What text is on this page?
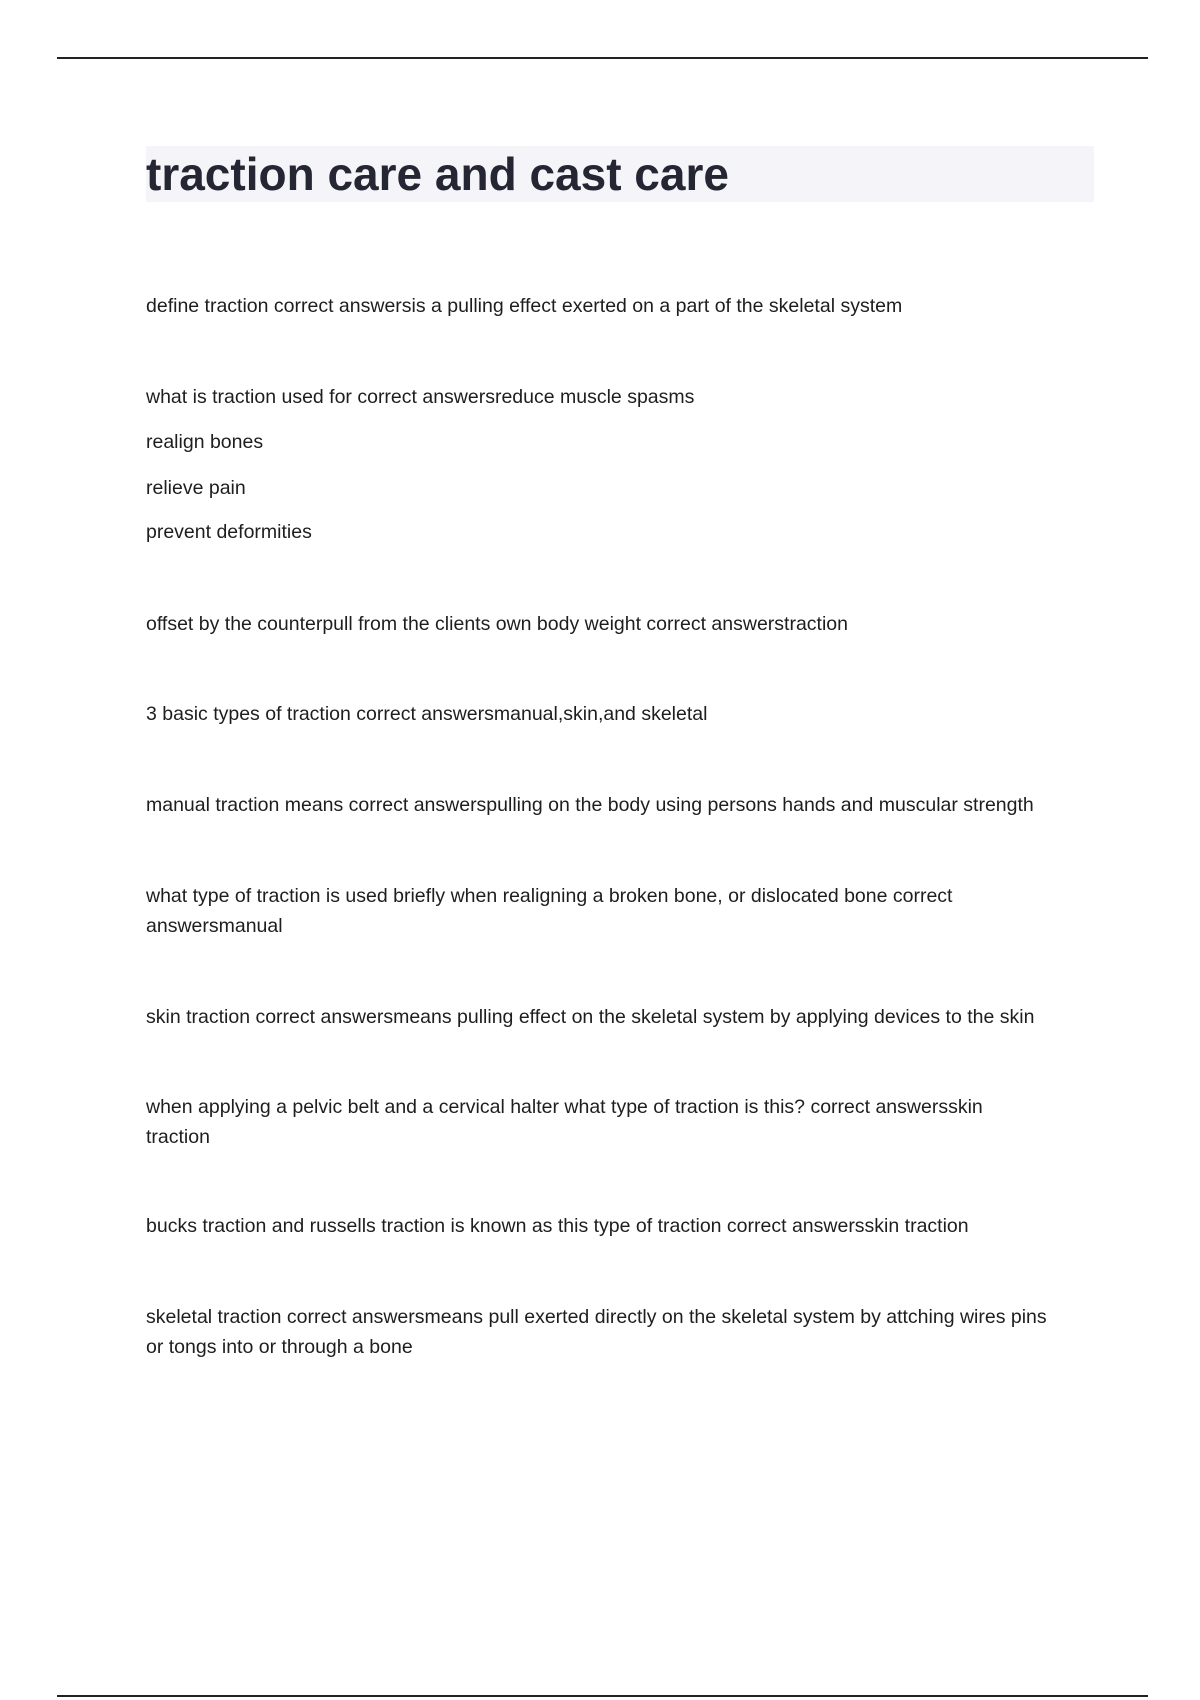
traction care and cast care
define traction correct answersis a pulling effect exerted on a part of the skeletal system
what is traction used for correct answersreduce muscle spasms
realign bones
relieve pain
prevent deformities
offset by the counterpull from the clients own body weight correct answerstraction
3 basic types of traction correct answersmanual,skin,and skeletal
manual traction means correct answerspulling on the body using persons hands and muscular strength
what type of traction is used briefly when realigning a broken bone, or dislocated bone correct
answersmanual
skin traction correct answersmeans pulling effect on the skeletal system by applying devices to the skin
when applying a pelvic belt and a cervical halter what type of traction is this? correct answersskin
traction
bucks traction and russells traction is known as this type of traction correct answersskin traction
skeletal traction correct answersmeans pull exerted directly on the skeletal system by attching wires pins
or tongs into or through a bone
